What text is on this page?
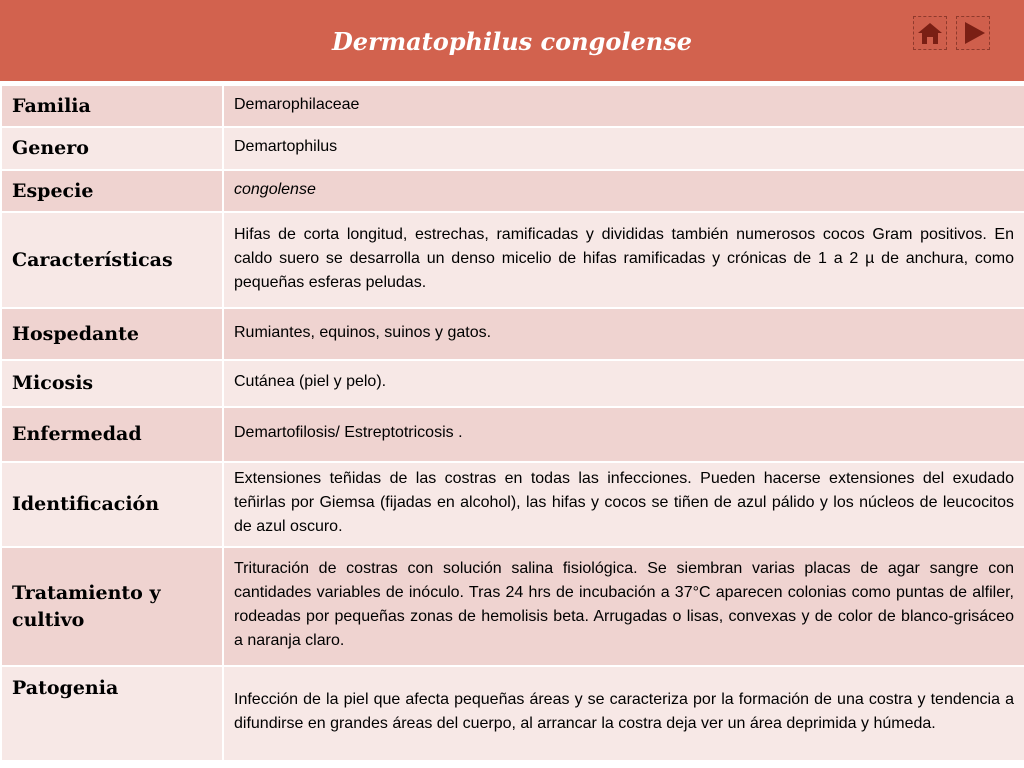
Dermatophilus congolense
Familia	Demarophilaceae
Genero	Demartophilus
Especie	congolense
Características	Hifas de corta longitud, estrechas, ramificadas y divididas también numerosos cocos Gram positivos. En caldo suero se desarrolla un denso micelio de hifas ramificadas y crónicas de 1 a 2 µ de anchura, como pequeñas esferas peludas.
Hospedante	Rumiantes, equinos, suinos y gatos.
Micosis	Cutánea (piel y pelo).
Enfermedad	Demartofilosis/ Estreptotricosis .
Identificación	Extensiones teñidas de las costras en todas las infecciones. Pueden hacerse extensiones del exudado teñirlas por Giemsa (fijadas en alcohol), las hifas y cocos se tiñen de azul pálido y los núcleos de leucocitos de azul oscuro.
Tratamiento y cultivo	Trituración de costras con solución salina fisiológica. Se siembran varias placas de agar sangre con cantidades variables de inóculo. Tras 24 hrs de incubación a 37°C aparecen colonias como puntas de alfiler, rodeadas por pequeñas zonas de hemolisis beta. Arrugadas o lisas, convexas y de color de blanco-grisáceo a naranja claro.
Patogenia	Infección de la piel que afecta pequeñas áreas y se caracteriza por la formación de una costra y tendencia a difundirse en grandes áreas del cuerpo, al arrancar la costra deja ver un área deprimida y húmeda.
